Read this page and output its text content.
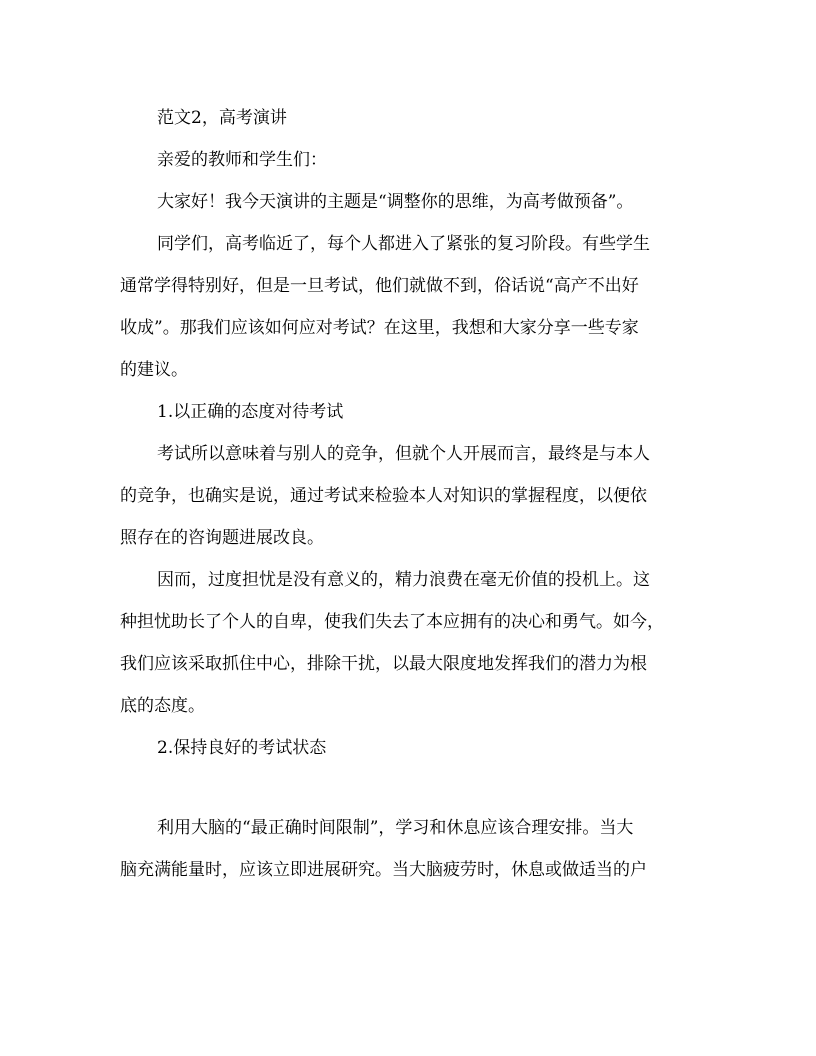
范文2，高考演讲
亲爱的教师和学生们：
大家好！我今天演讲的主题是“调整你的思维，为高考做预备”。
同学们，高考临近了，每个人都进入了紧张的复习阶段。有些学生
通常学得特别好，但是一旦考试，他们就做不到，俗话说“高产不出好
收成”。那我们应该如何应对考试？在这里，我想和大家分享一些专家
的建议。
1.以正确的态度对待考试
考试所以意味着与别人的竞争，但就个人开展而言，最终是与本人
的竞争，也确实是说，通过考试来检验本人对知识的掌握程度，以便依
照存在的咨询题进展改良。
因而，过度担忧是没有意义的，精力浪费在毫无价值的投机上。这
种担忧助长了个人的自卑，使我们失去了本应拥有的决心和勇气。如今，
我们应该采取抓住中心，排除干扰，以最大限度地发挥我们的潜力为根
底的态度。
2.保持良好的考试状态
利用大脑的“最正确时间限制”，学习和休息应该合理安排。当大
脑充满能量时，应该立即进展研究。当大脑疲劳时，休息或做适当的户
